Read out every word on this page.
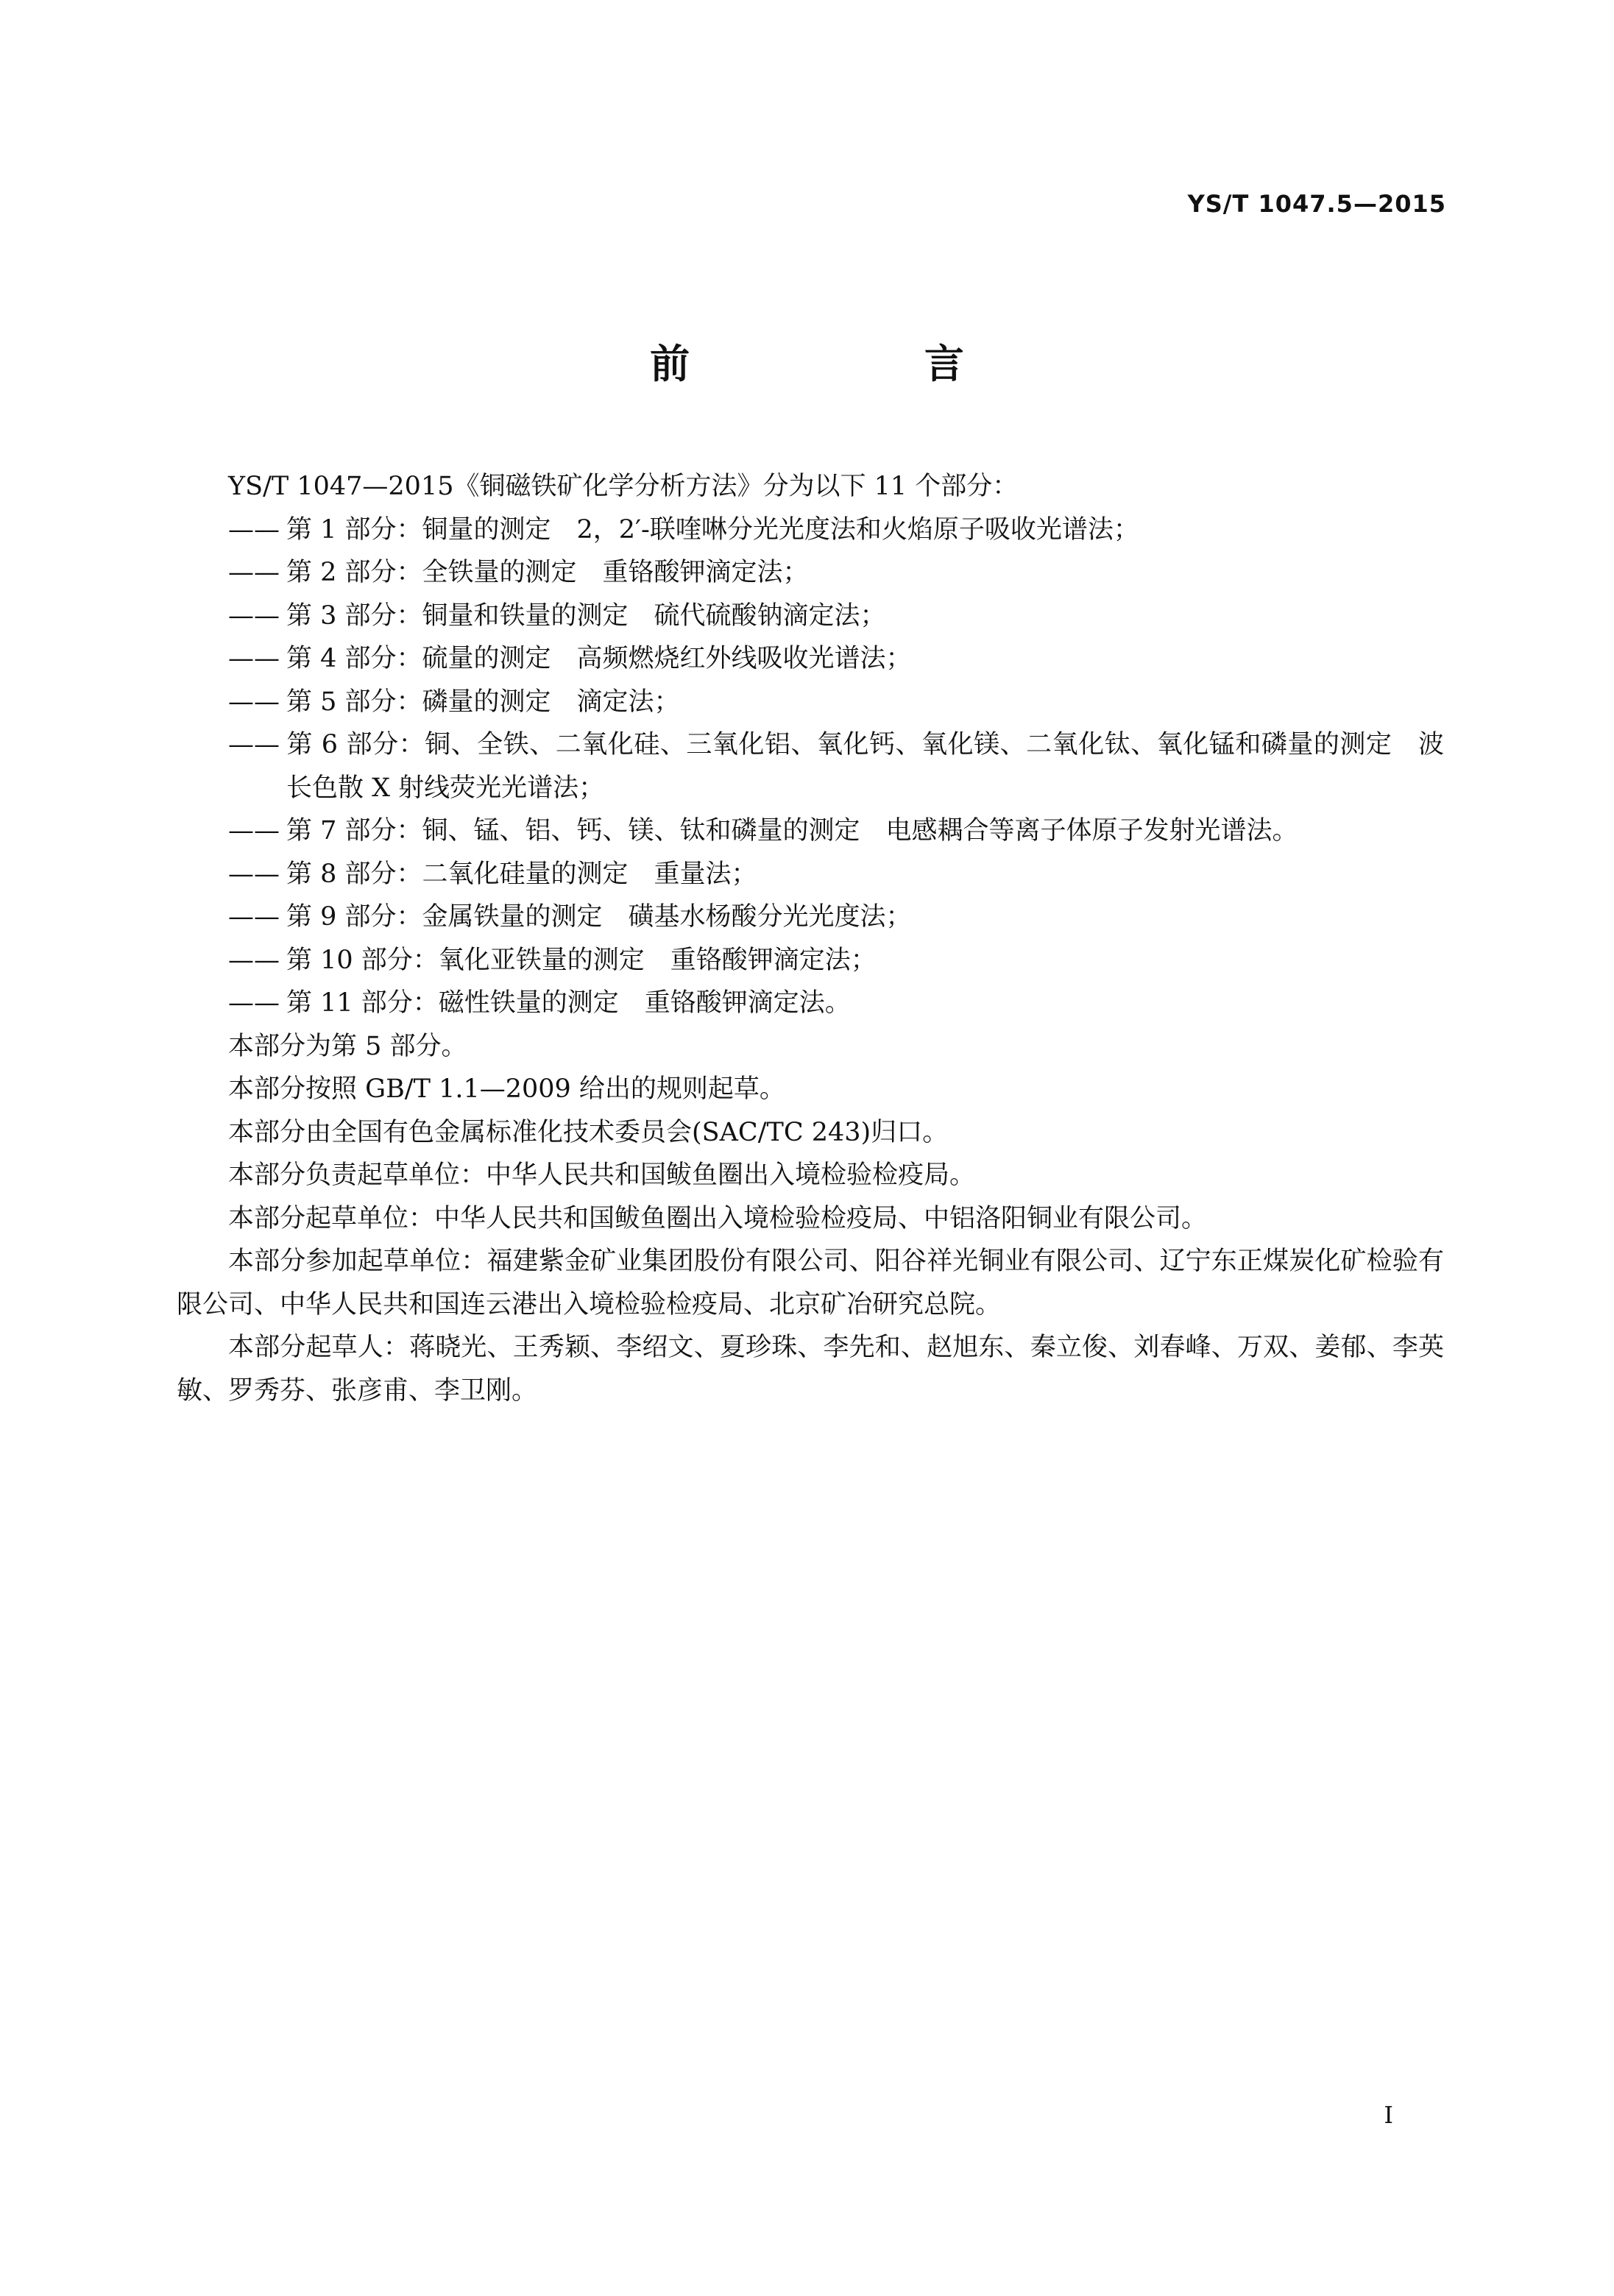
YS/T 1047.5—2015
前 言

YS/T 1047—2015《铜磁铁矿化学分析方法》分为以下 11 个部分：

—— 第 1 部分：铜量的测定 2，2′-联喹啉分光光度法和火焰原子吸收光谱法；

—— 第 2 部分：全铁量的测定 重铬酸钾滴定法；

—— 第 3 部分：铜量和铁量的测定 硫代硫酸钠滴定法；

—— 第 4 部分：硫量的测定 高频燃烧红外线吸收光谱法；

—— 第 5 部分：磷量的测定 滴定法；

—— 第 6 部分：铜、全铁、二氧化硅、三氧化铝、氧化钙、氧化镁、二氧化钛、氧化锰和磷量的测定 波长色散 X 射线荧光光谱法；

—— 第 7 部分：铜、锰、铝、钙、镁、钛和磷量的测定 电感耦合等离子体原子发射光谱法。

—— 第 8 部分：二氧化硅量的测定 重量法；

—— 第 9 部分：金属铁量的测定 磺基水杨酸分光光度法；

—— 第 10 部分：氧化亚铁量的测定 重铬酸钾滴定法；

—— 第 11 部分：磁性铁量的测定 重铬酸钾滴定法。

本部分为第 5 部分。

本部分按照 GB/T 1.1—2009 给出的规则起草。

本部分由全国有色金属标准化技术委员会(SAC/TC 243)归口。

本部分负责起草单位：中华人民共和国鲅鱼圈出入境检验检疫局。

本部分起草单位：中华人民共和国鲅鱼圈出入境检验检疫局、中铝洛阳铜业有限公司。

本部分参加起草单位：福建紫金矿业集团股份有限公司、阳谷祥光铜业有限公司、辽宁东正煤炭化矿检验有限公司、中华人民共和国连云港出入境检验检疫局、北京矿冶研究总院。

本部分起草人：蒋晓光、王秀颖、李绍文、夏珍珠、李先和、赵旭东、秦立俊、刘春峰、万双、姜郁、李英敏、罗秀芬、张彦甫、李卫刚。

I
